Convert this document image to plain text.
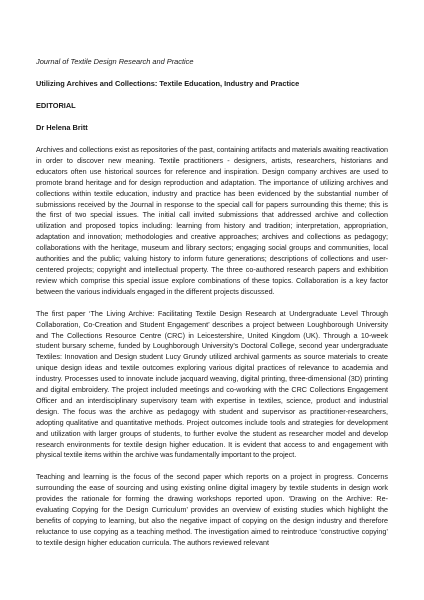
Journal of Textile Design Research and Practice

Utilizing Archives and Collections: Textile Education, Industry and Practice

EDITORIAL

Dr Helena Britt

Archives and collections exist as repositories of the past, containing artifacts and materials awaiting reactivation in order to discover new meaning. Textile practitioners - designers, artists, researchers, historians and educators often use historical sources for reference and inspiration. Design company archives are used to promote brand heritage and for design reproduction and adaptation. The importance of utilizing archives and collections within textile education, industry and practice has been evidenced by the substantial number of submissions received by the Journal in response to the special call for papers surrounding this theme; this is the first of two special issues. The initial call invited submissions that addressed archive and collection utilization and proposed topics including: learning from history and tradition; interpretation, appropriation, adaptation and innovation; methodologies and creative approaches; archives and collections as pedagogy; collaborations with the heritage, museum and library sectors; engaging social groups and communities, local authorities and the public; valuing history to inform future generations; descriptions of collections and user-centered projects; copyright and intellectual property. The three co-authored research papers and exhibition review which comprise this special issue explore combinations of these topics. Collaboration is a key factor between the various individuals engaged in the different projects discussed.

The first paper ‘The Living Archive: Facilitating Textile Design Research at Undergraduate Level Through Collaboration, Co-Creation and Student Engagement’ describes a project between Loughborough University and The Collections Resource Centre (CRC) in Leicestershire, United Kingdom (UK). Through a 10-week student bursary scheme, funded by Loughborough University’s Doctoral College, second year undergraduate Textiles: Innovation and Design student Lucy Grundy utilized archival garments as source materials to create unique design ideas and textile outcomes exploring various digital practices of relevance to academia and industry. Processes used to innovate include jacquard weaving, digital printing, three-dimensional (3D) printing and digital embroidery. The project included meetings and co-working with the CRC Collections Engagement Officer and an interdisciplinary supervisory team with expertise in textiles, science, product and industrial design. The focus was the archive as pedagogy with student and supervisor as practitioner-researchers, adopting qualitative and quantitative methods. Project outcomes include tools and strategies for development and utilization with larger groups of students, to further evolve the student as researcher model and develop research environments for textile design higher education. It is evident that access to and engagement with physical textile items within the archive was fundamentally important to the project.

Teaching and learning is the focus of the second paper which reports on a project in progress. Concerns surrounding the ease of sourcing and using existing online digital imagery by textile students in design work provides the rationale for forming the drawing workshops reported upon. ‘Drawing on the Archive: Re-evaluating Copying for the Design Curriculum’ provides an overview of existing studies which highlight the benefits of copying to learning, but also the negative impact of copying on the design industry and therefore reluctance to use copying as a teaching method. The investigation aimed to reintroduce ‘constructive copying’ to textile design higher education curricula. The authors reviewed relevant
